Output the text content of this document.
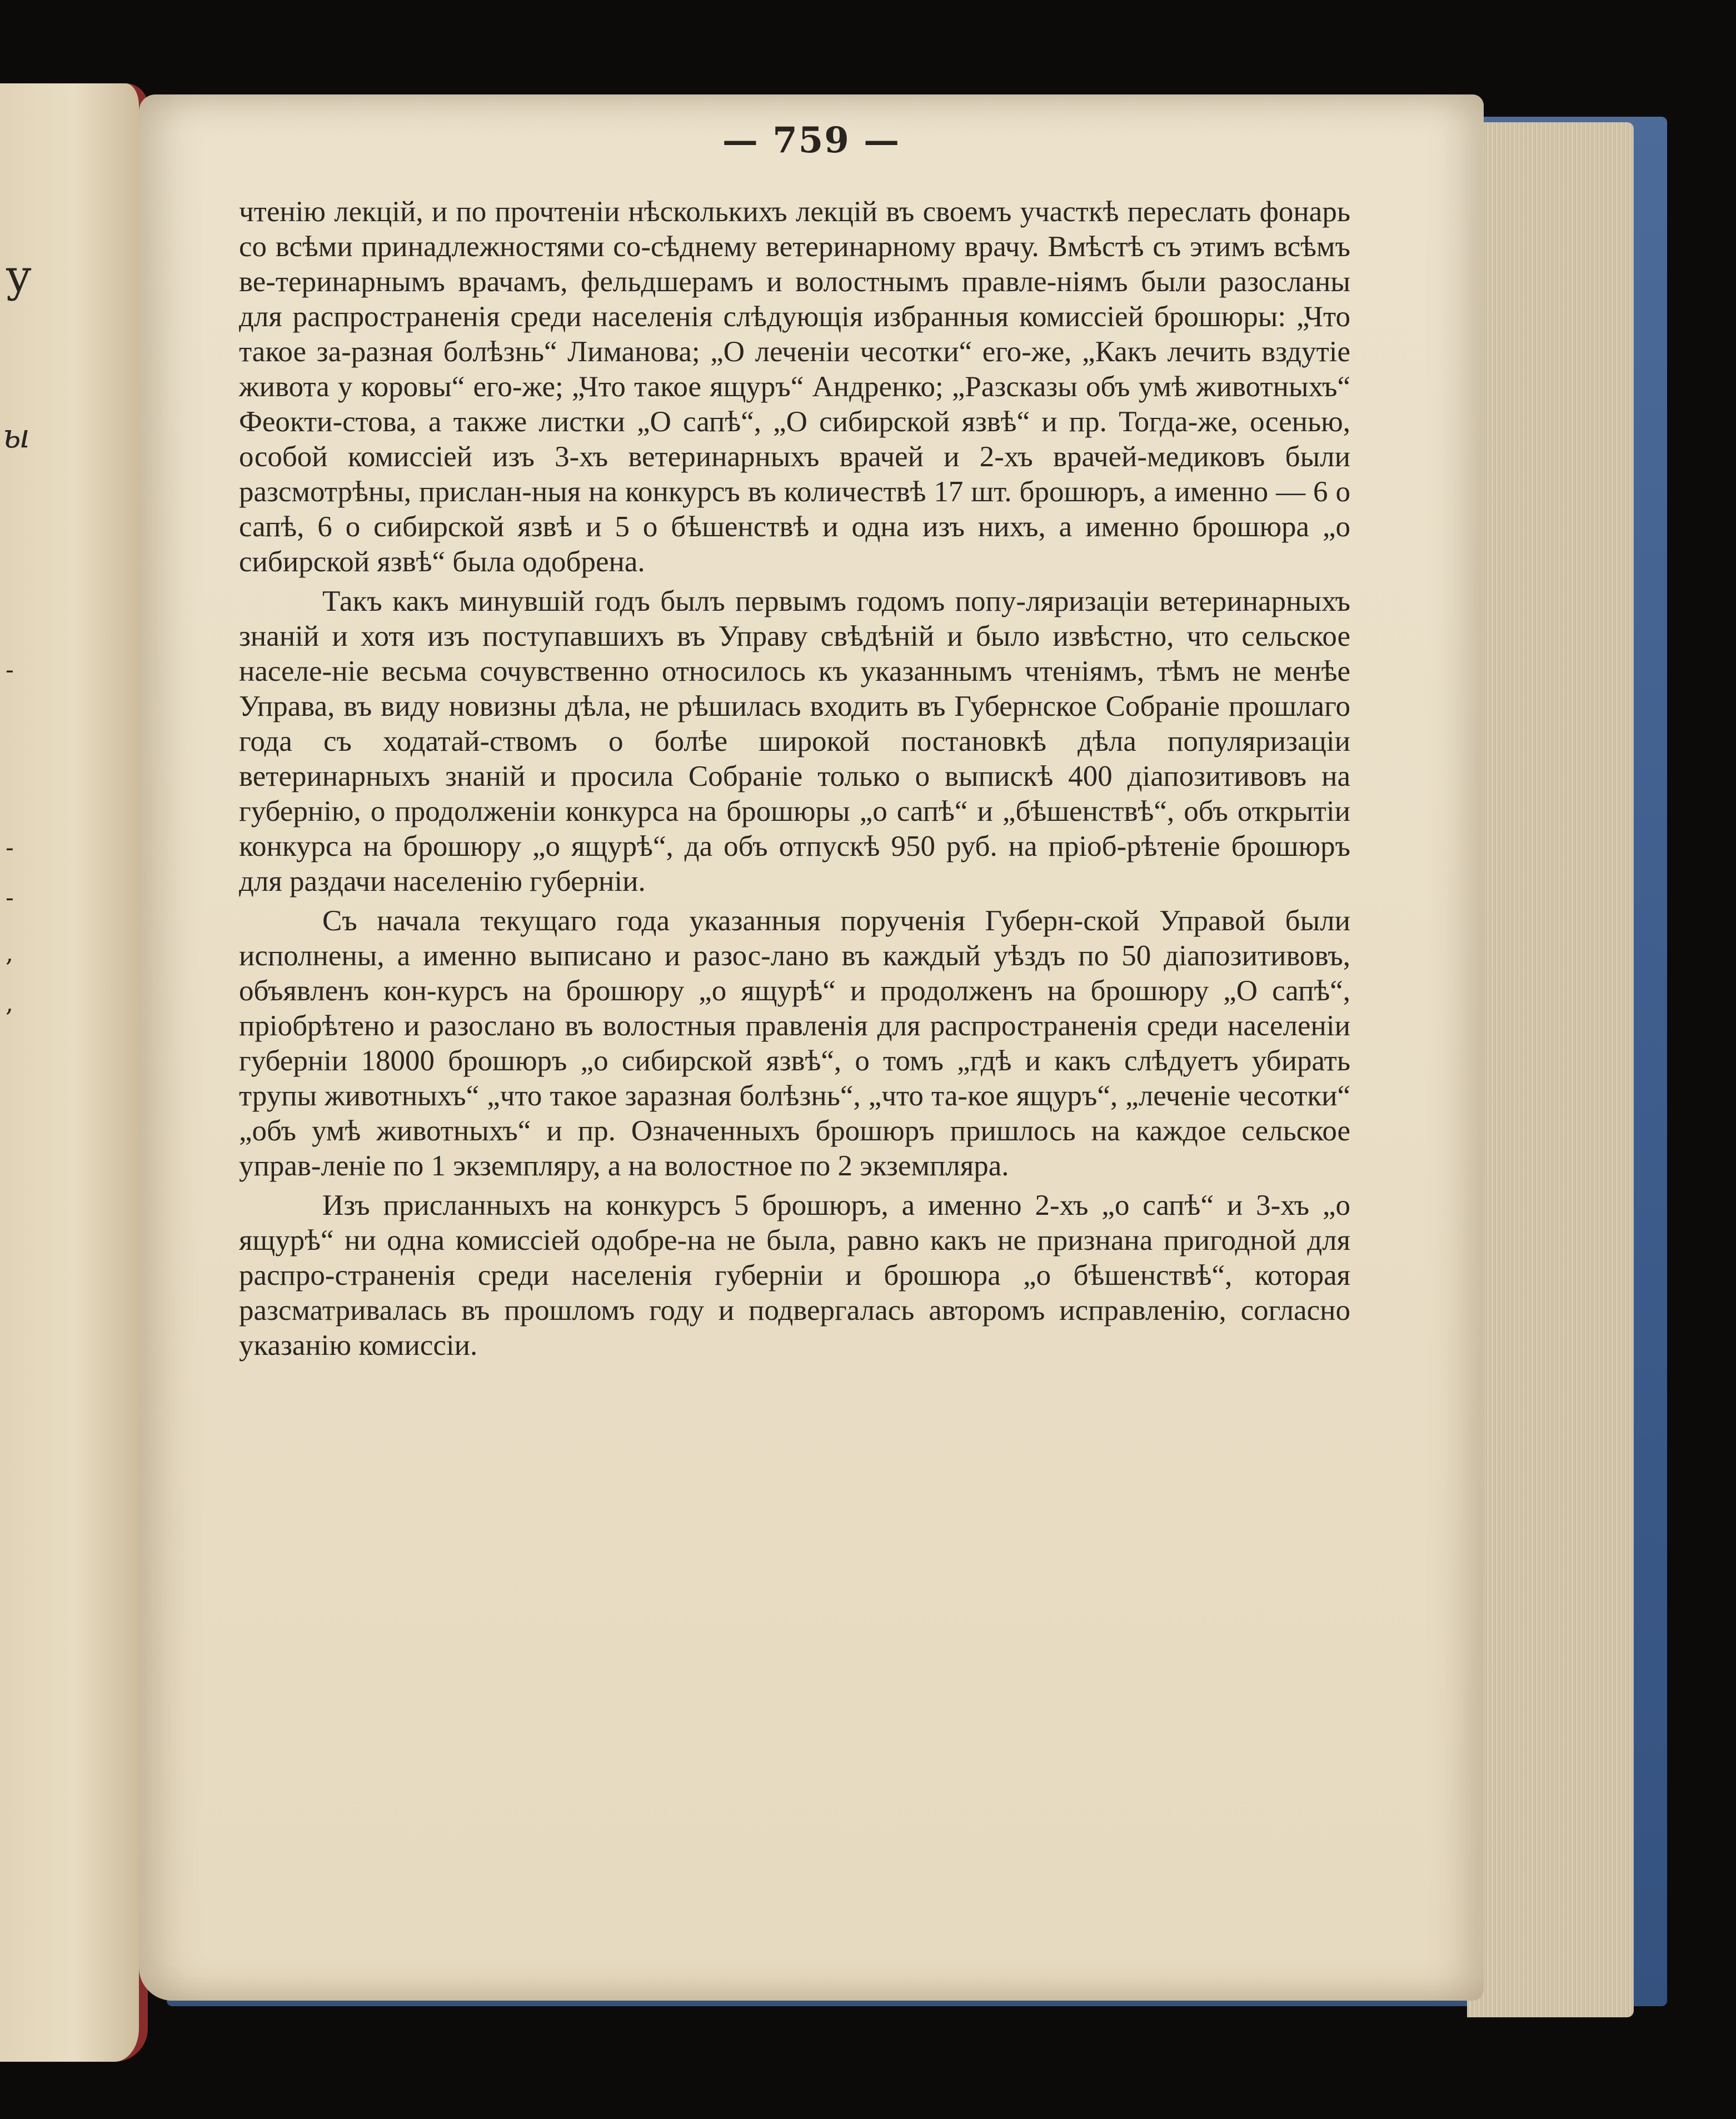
у
ы
-
-
-
,
,
— 759 —

чтенію лекцій, и по прочтеніи нѣсколькихъ лекцій въ своемъ участкѣ переслать фонарь со всѣми принадлежностями со-сѣднему ветеринарному врачу. Вмѣстѣ съ этимъ всѣмъ ве-теринарнымъ врачамъ, фельдшерамъ и волостнымъ правле-ніямъ были разосланы для распространенія среди населенія слѣдующія избранныя комиссіей брошюры: „Что такое за-разная болѣзнь“ Лиманова; „О леченіи чесотки“ его-же, „Какъ лечить вздутіе живота у коровы“ его-же; „Что такое ящуръ“ Андренко; „Разсказы объ умѣ животныхъ“ Феокти-стова, а также листки „О сапѣ“, „О сибирской язвѣ“ и пр. Тогда-же, осенью, особой комиссіей изъ 3-хъ ветеринарныхъ врачей и 2-хъ врачей-медиковъ были разсмотрѣны, прислан-ныя на конкурсъ въ количествѣ 17 шт. брошюръ, а именно — 6 о сапѣ, 6 о сибирской язвѣ и 5 о бѣшенствѣ и одна изъ нихъ, а именно брошюра „о сибирской язвѣ“ была одобрена.

Такъ какъ минувшій годъ былъ первымъ годомъ попу-ляризаціи ветеринарныхъ знаній и хотя изъ поступавшихъ въ Управу свѣдѣній и было извѣстно, что сельское населе-ніе весьма сочувственно относилось къ указаннымъ чтеніямъ, тѣмъ не менѣе Управа, въ виду новизны дѣла, не рѣшилась входить въ Губернское Собраніе прошлаго года съ ходатай-ствомъ о болѣе широкой постановкѣ дѣла популяризаціи ветеринарныхъ знаній и просила Собраніе только о выпискѣ 400 діапозитивовъ на губернію, о продолженіи конкурса на брошюры „о сапѣ“ и „бѣшенствѣ“, объ открытіи конкурса на брошюру „о ящурѣ“, да объ отпускѣ 950 руб. на пріоб-рѣтеніе брошюръ для раздачи населенію губерніи.

Съ начала текущаго года указанныя порученія Губерн-ской Управой были исполнены, а именно выписано и разос-лано въ каждый уѣздъ по 50 діапозитивовъ, объявленъ кон-курсъ на брошюру „о ящурѣ“ и продолженъ на брошюру „О сапѣ“, пріобрѣтено и разослано въ волостныя правленія для распространенія среди населеніи губерніи 18000 брошюръ „о сибирской язвѣ“, о томъ „гдѣ и какъ слѣдуетъ убирать трупы животныхъ“ „что такое заразная болѣзнь“, „что та-кое ящуръ“, „леченіе чесотки“ „объ умѣ животныхъ“ и пр. Означенныхъ брошюръ пришлось на каждое сельское управ-леніе по 1 экземпляру, а на волостное по 2 экземпляра.

Изъ присланныхъ на конкурсъ 5 брошюръ, а именно 2-хъ „о сапѣ“ и 3-хъ „о ящурѣ“ ни одна комиссіей одобре-на не была, равно какъ не признана пригодной для распро-страненія среди населенія губерніи и брошюра „о бѣшенствѣ“, которая разсматривалась въ прошломъ году и подвергалась авторомъ исправленію, согласно указанію комиссіи.
